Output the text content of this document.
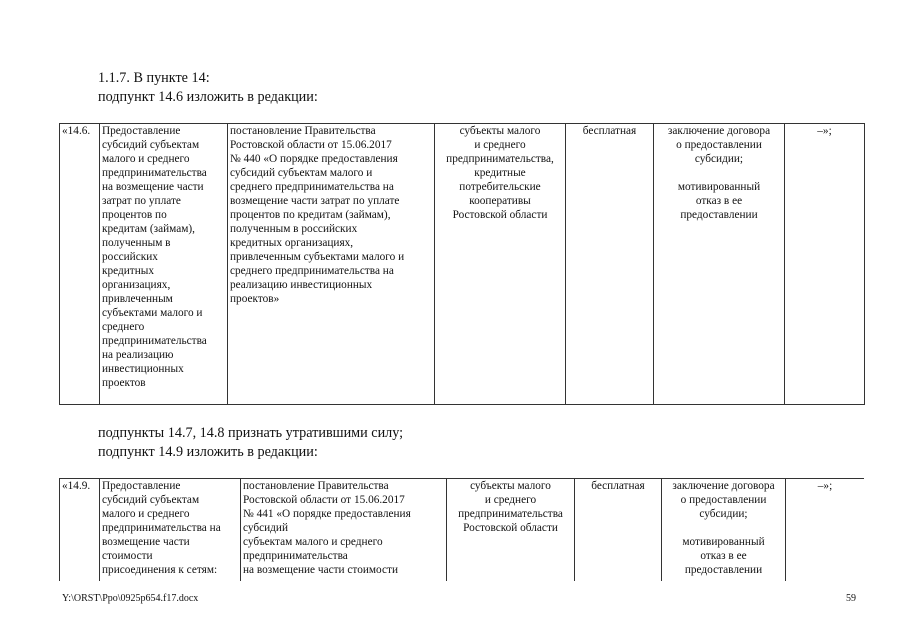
1.1.7. В пункте 14:
подпункт 14.6 изложить в редакции:
«14.6.	Предоставление
субсидий субъектам
малого и среднего
предпринимательства
на возмещение части
затрат по уплате
процентов по
кредитам (займам),
полученным в
российских
кредитных
организациях,
привлеченным
субъектами малого и
среднего
предпринимательства
на реализацию
инвестиционных
проектов	постановление Правительства
Ростовской области от 15.06.2017
№ 440 «О порядке предоставления
субсидий субъектам малого и
среднего предпринимательства на
возмещение части затрат по уплате
процентов по кредитам (займам),
полученным в российских
кредитных организациях,
привлеченным субъектами малого и
среднего предпринимательства на
реализацию инвестиционных
проектов»	субъекты малого
и среднего
предпринимательства,
кредитные
потребительские
кооперативы
Ростовской области	бесплатная	заключение договора
о предоставлении
субсидии;

мотивированный
отказ в ее
предоставлении	–»;
подпункты 14.7, 14.8 признать утратившими силу;
подпункт 14.9 изложить в редакции:
«14.9.	Предоставление
субсидий субъектам
малого и среднего
предпринимательства на
возмещение части
стоимости
присоединения к сетям:	постановление Правительства
Ростовской области от 15.06.2017
№ 441 «О порядке предоставления
субсидий
субъектам малого и среднего
предпринимательства
на возмещение части стоимости	субъекты малого
и среднего
предпринимательства
Ростовской области	бесплатная	заключение договора
о предоставлении
субсидии;

мотивированный
отказ в ее
предоставлении	–»;
Y:\ORST\Ppo\0925p654.f17.docx	59
